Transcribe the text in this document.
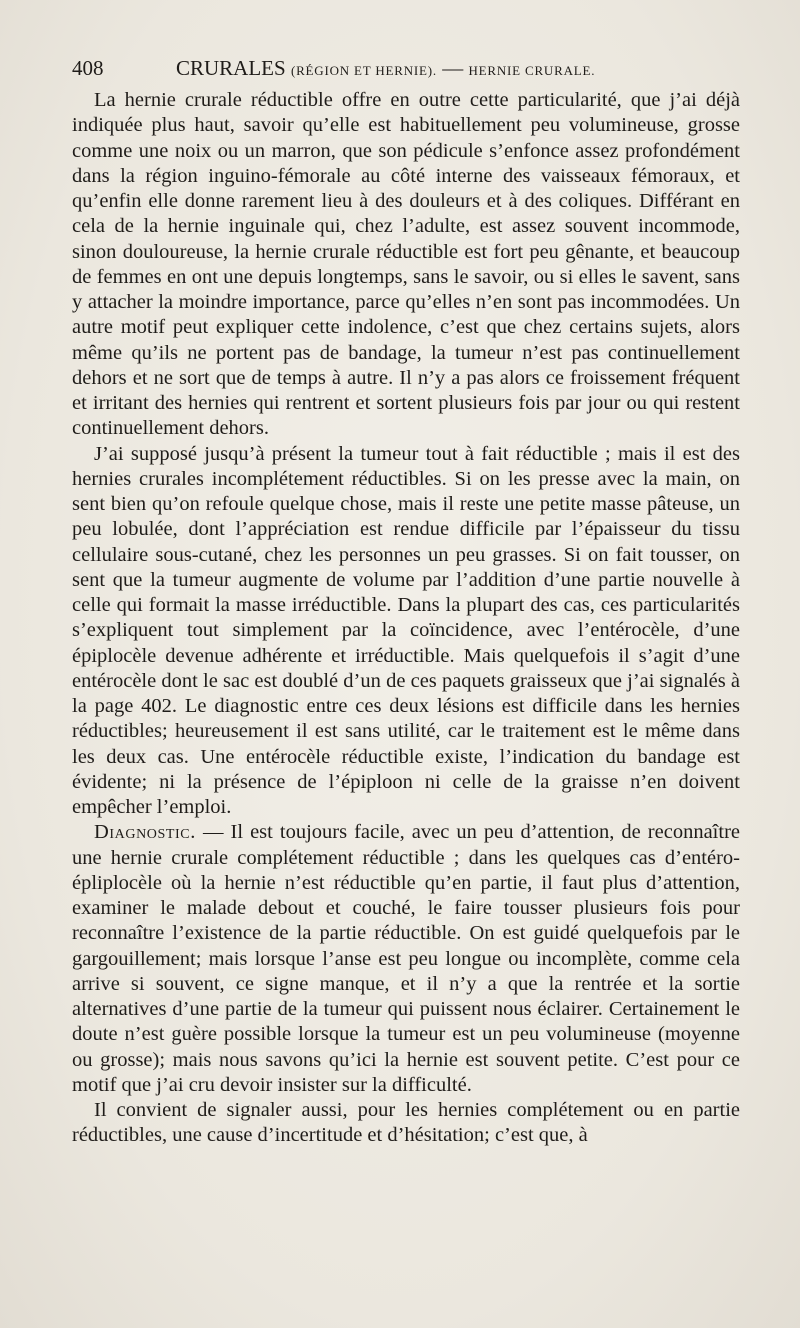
408	CRURALES (RÉGION ET HERNIE). — HERNIE CRURALE.

La hernie crurale réductible offre en outre cette particularité, que j’ai déjà indiquée plus haut, savoir qu’elle est habituellement peu volumineuse, grosse comme une noix ou un marron, que son pédicule s’enfonce assez profondément dans la région inguino-fémorale au côté interne des vaisseaux fémoraux, et qu’enfin elle donne rarement lieu à des douleurs et à des coliques. Différant en cela de la hernie inguinale qui, chez l’adulte, est assez souvent incommode, sinon douloureuse, la hernie crurale réductible est fort peu gênante, et beaucoup de femmes en ont une depuis longtemps, sans le savoir, ou si elles le savent, sans y attacher la moindre importance, parce qu’elles n’en sont pas incommodées. Un autre motif peut expliquer cette indolence, c’est que chez certains sujets, alors même qu’ils ne portent pas de bandage, la tumeur n’est pas continuellement dehors et ne sort que de temps à autre. Il n’y a pas alors ce froissement fréquent et irritant des hernies qui rentrent et sortent plusieurs fois par jour ou qui restent continuellement dehors.

J’ai supposé jusqu’à présent la tumeur tout à fait réductible ; mais il est des hernies crurales incomplétement réductibles. Si on les presse avec la main, on sent bien qu’on refoule quelque chose, mais il reste une petite masse pâteuse, un peu lobulée, dont l’appréciation est rendue difficile par l’épaisseur du tissu cellulaire sous-cutané, chez les personnes un peu grasses. Si on fait tousser, on sent que la tumeur augmente de volume par l’addition d’une partie nouvelle à celle qui formait la masse irréductible. Dans la plupart des cas, ces particularités s’expliquent tout simplement par la coïncidence, avec l’entérocèle, d’une épiplocèle devenue adhérente et irréductible. Mais quelquefois il s’agit d’une entérocèle dont le sac est doublé d’un de ces paquets graisseux que j’ai signalés à la page 402. Le diagnostic entre ces deux lésions est difficile dans les hernies réductibles; heureusement il est sans utilité, car le traitement est le même dans les deux cas. Une entérocèle réductible existe, l’indication du bandage est évidente; ni la présence de l’épiploon ni celle de la graisse n’en doivent empêcher l’emploi.

Diagnostic. — Il est toujours facile, avec un peu d’attention, de reconnaître une hernie crurale complétement réductible ; dans les quelques cas d’entéro-épliplocèle où la hernie n’est réductible qu’en partie, il faut plus d’attention, examiner le malade debout et couché, le faire tousser plusieurs fois pour reconnaître l’existence de la partie réductible. On est guidé quelquefois par le gargouillement; mais lorsque l’anse est peu longue ou incomplète, comme cela arrive si souvent, ce signe manque, et il n’y a que la rentrée et la sortie alternatives d’une partie de la tumeur qui puissent nous éclairer. Certainement le doute n’est guère possible lorsque la tumeur est un peu volumineuse (moyenne ou grosse); mais nous savons qu’ici la hernie est souvent petite. C’est pour ce motif que j’ai cru devoir insister sur la difficulté.

Il convient de signaler aussi, pour les hernies complétement ou en partie réductibles, une cause d’incertitude et d’hésitation; c’est que, à
